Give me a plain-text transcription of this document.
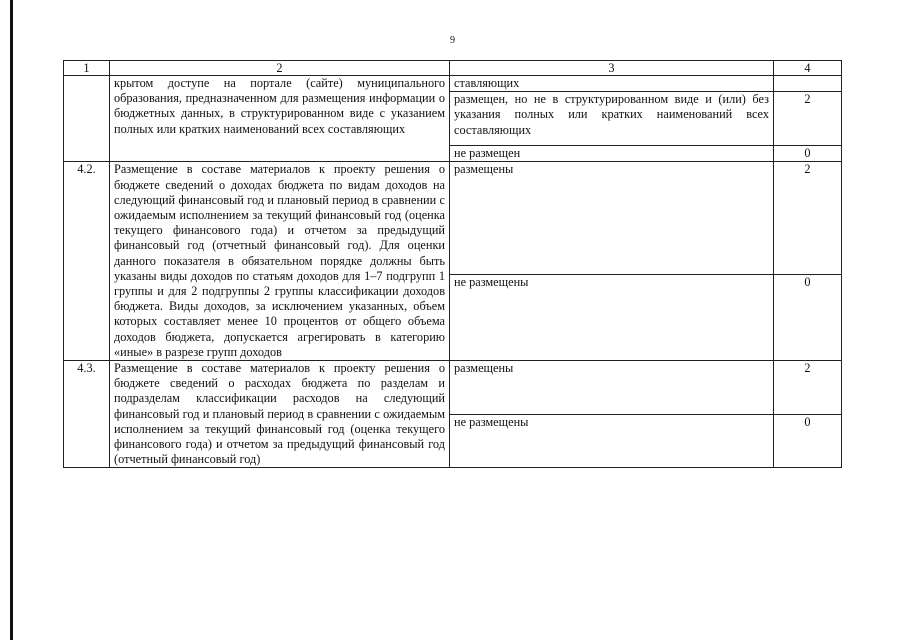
9
1	2	3	4
	крытом доступе на портале (сайте) муниципального образования, предназначенном для размещения информации о бюджетных данных, в структурированном виде с указанием полных или кратких наименований всех составляющих	ставляющих	
		размещен, но не в структурированном виде и (или) без указания полных или кратких наименований всех составляющих	2
		не размещен	0
4.2.	Размещение в составе материалов к проекту решения о бюджете сведений о доходах бюджета по видам доходов на следующий финансовый год и плановый период в сравнении с ожидаемым исполнением за текущий финансовый год (оценка текущего финансового года) и отчетом за предыдущий финансовый год (отчетный финансовый год). Для оценки данного показателя в обязательном порядке должны быть указаны виды доходов по статьям доходов для 1–7 подгрупп 1 группы и для 2 подгруппы 2 группы классификации доходов бюджета. Виды доходов, за исключением указанных, объем которых составляет менее 10 процентов от общего объема доходов бюджета, допускается агрегировать в категорию «иные» в разрезе групп доходов	размещены	2
		не размещены	0
4.3.	Размещение в составе материалов к проекту решения о бюджете сведений о расходах бюджета по разделам и подразделам классификации расходов на следующий финансовый год и плановый период в сравнении с ожидаемым исполнением за текущий финансовый год (оценка текущего финансового года) и отчетом за предыдущий финансовый год (отчетный финансовый год)	размещены	2
		не размещены	0
